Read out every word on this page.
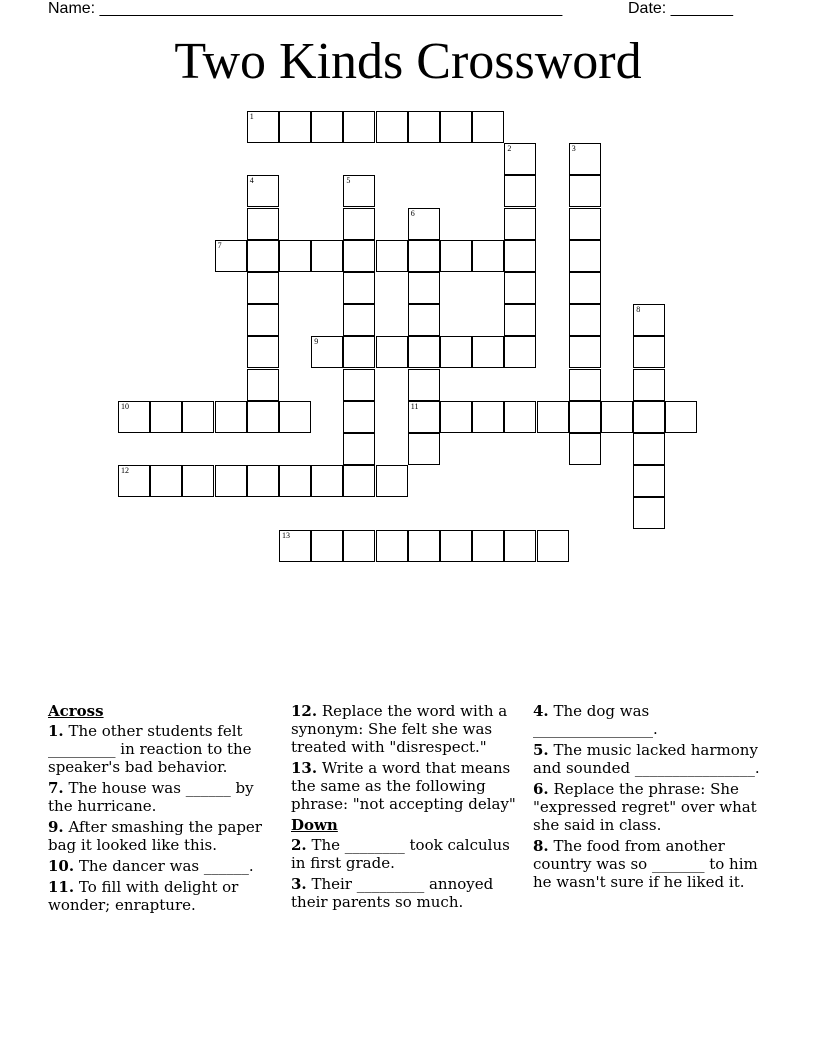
Name: ____________________________________________________	Date: _______
Two Kinds Crossword
1
2	3
4	5
6
11
7
8
9
10
12
13
Across
1. The other students felt _________ in reaction to the speaker's bad behavior.
7. The house was ______ by the hurricane.
9. After smashing the paper bag it looked like this.
10. The dancer was ______.
11. To fill with delight or wonder; enrapture.
12. Replace the word with a synonym: She felt she was treated with "disrespect."
13. Write a word that means the same as the following phrase: "not accepting delay"
Down
2. The ________ took calculus in first grade.
3. Their _________ annoyed their parents so much.
4. The dog was ________________.
5. The music lacked harmony and sounded ________________.
6. Replace the phrase: She "expressed regret" over what she said in class.
8. The food from another country was so _______ to him he wasn't sure if he liked it.
